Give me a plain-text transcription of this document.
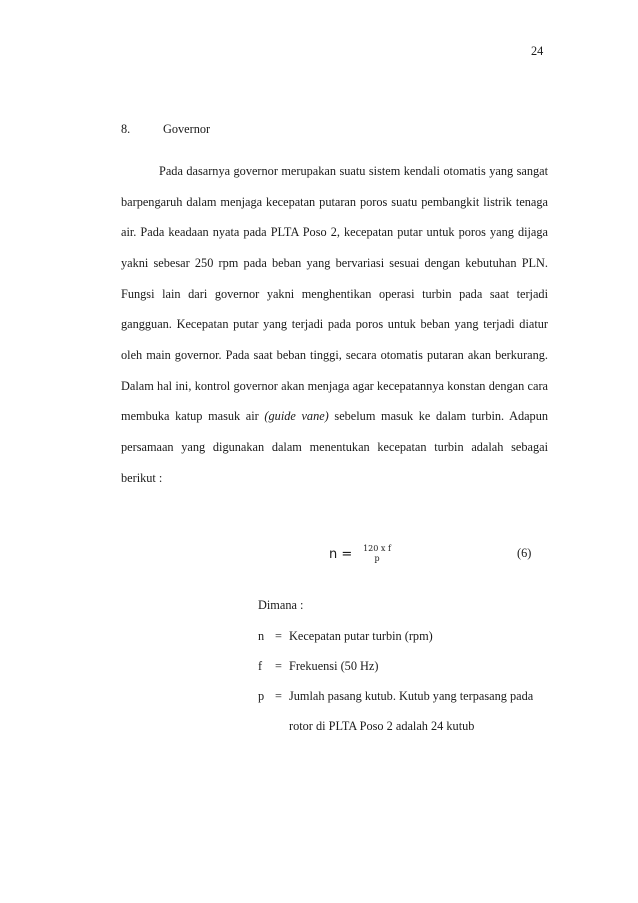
24
8.	Governor

Pada dasarnya governor merupakan suatu sistem kendali otomatis yang sangat barpengaruh dalam menjaga kecepatan putaran poros suatu pembangkit listrik tenaga air. Pada keadaan nyata pada PLTA Poso 2, kecepatan putar untuk poros yang dijaga yakni sebesar 250 rpm pada beban yang bervariasi sesuai dengan kebutuhan PLN. Fungsi lain dari governor yakni menghentikan operasi turbin pada saat terjadi gangguan. Kecepatan putar yang terjadi pada poros untuk beban yang terjadi diatur oleh main governor. Pada saat beban tinggi, secara otomatis putaran akan berkurang. Dalam hal ini, kontrol governor akan menjaga agar kecepatannya konstan dengan cara membuka katup masuk air (guide vane) sebelum masuk ke dalam turbin. Adapun persamaan yang digunakan dalam menentukan kecepatan turbin adalah sebagai berikut :

n =	120 x f
p	(6)
Dimana :
n = Kecepatan putar turbin (rpm)
f = Frekuensi (50 Hz)
p = Jumlah pasang kutub. Kutub yang terpasang pada
rotor di PLTA Poso 2 adalah 24 kutub
